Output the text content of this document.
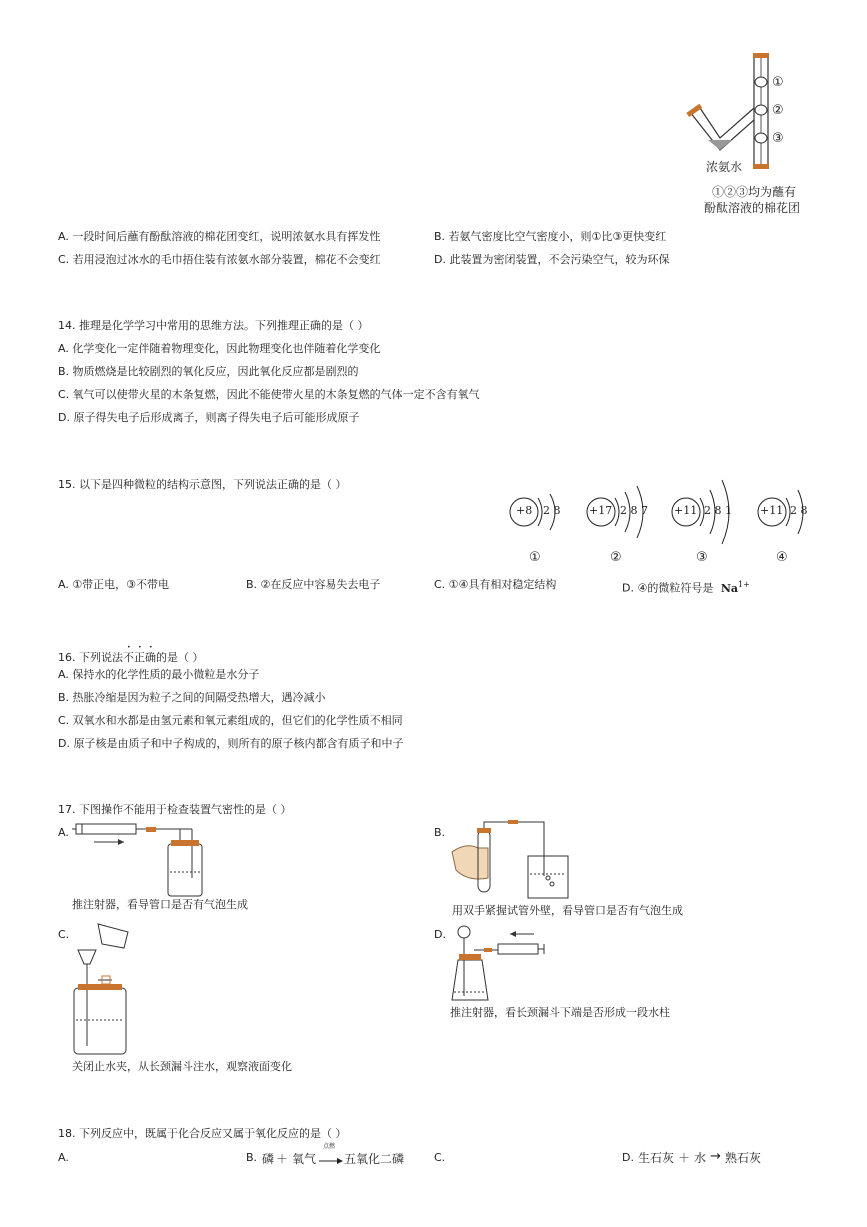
①
②
③
浓氨水
①②③均为蘸有
酚酞溶液的棉花团
A. 一段时间后蘸有酚酞溶液的棉花团变红，说明浓氨水具有挥发性	B. 若氨气密度比空气密度小，则①比③更快变红
C. 若用浸泡过冰水的毛巾捂住装有浓氨水部分装置，棉花不会变红	D. 此装置为密闭装置，不会污染空气，较为环保
14. 推理是化学学习中常用的思维方法。下列推理正确的是（ ）
A. 化学变化一定伴随着物理变化，因此物理变化也伴随着化学变化
B. 物质燃烧是比较剧烈的氧化反应，因此氧化反应都是剧烈的
C. 氧气可以使带火星的木条复燃，因此不能使带火星的木条复燃的气体一定不含有氧气
D. 原子得失电子后形成离子，则离子得失电子后可能形成原子
15. 以下是四种微粒的结构示意图，下列说法正确的是（ ）
+8 2 8
①
+17 2 8 7
②
+11 2 8 1
③
+11 2 8
④
A. ①带正电，③不带电	B. ②在反应中容易失去电子	C. ①④具有相对稳定结构	D. ④的微粒符号是 $Na^{1+}$
16. 下列说法不正确的是（ ）
A. 保持水的化学性质的最小微粒是水分子
B. 热胀冷缩是因为粒子之间的间隔受热增大，遇冷减小
C. 双氧水和水都是由氢元素和氧元素组成的，但它们的化学性质不相同
D. 原子核是由质子和中子构成的，则所有的原子核内都含有质子和中子
17. 下图操作不能用于检查装置气密性的是（ ）
A.
推注射器，看导管口是否有气泡生成
B.
用双手紧握试管外壁，看导管口是否有气泡生成
C.
关闭止水夹，从长颈漏斗注水，观察液面变化
D.
推注射器，看长颈漏斗下端是否形成一段水柱
18. 下列反应中，既属于化合反应又属于氧化反应的是（ ）
A.	B. 磷 ＋ 氧气
点燃
→ 五氧化二磷	C.	D. 生石灰 ＋ 水 → 熟石灰
